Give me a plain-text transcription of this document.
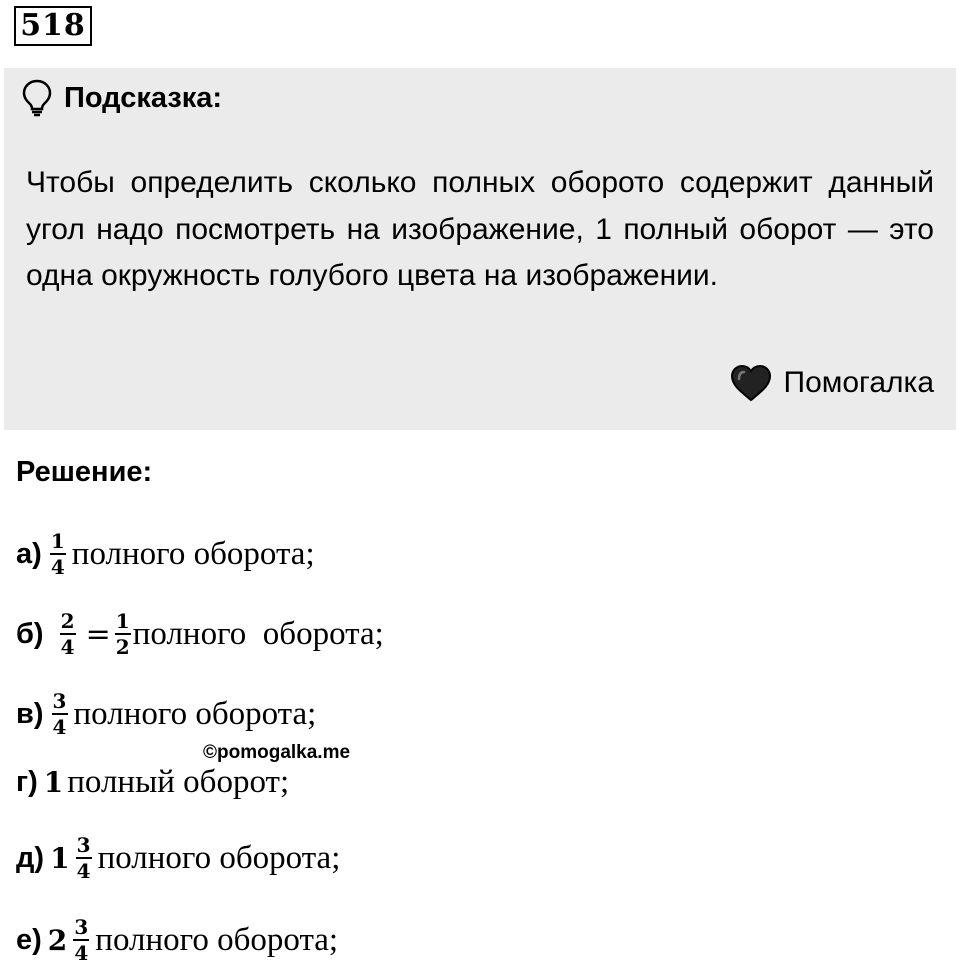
518
Подсказка:
Чтобы определить сколько полных оборото содержит данный угол надо посмотреть на изображение, 1 полный оборот — это одна окружность голубого цвета на изображении.
Помогалка
Решение:
$а) \frac{1}{4}$ полного оборота;
$б) \frac{2}{4} = \frac{1}{2}$ полного  оборота;
$в) \frac{3}{4}$ полного оборота;
©pomogalka.me
г) 1 полный оборот;
д) $1 \frac{3}{4}$ полного оборота;
е) $2 \frac{3}{4}$ полного оборота;
